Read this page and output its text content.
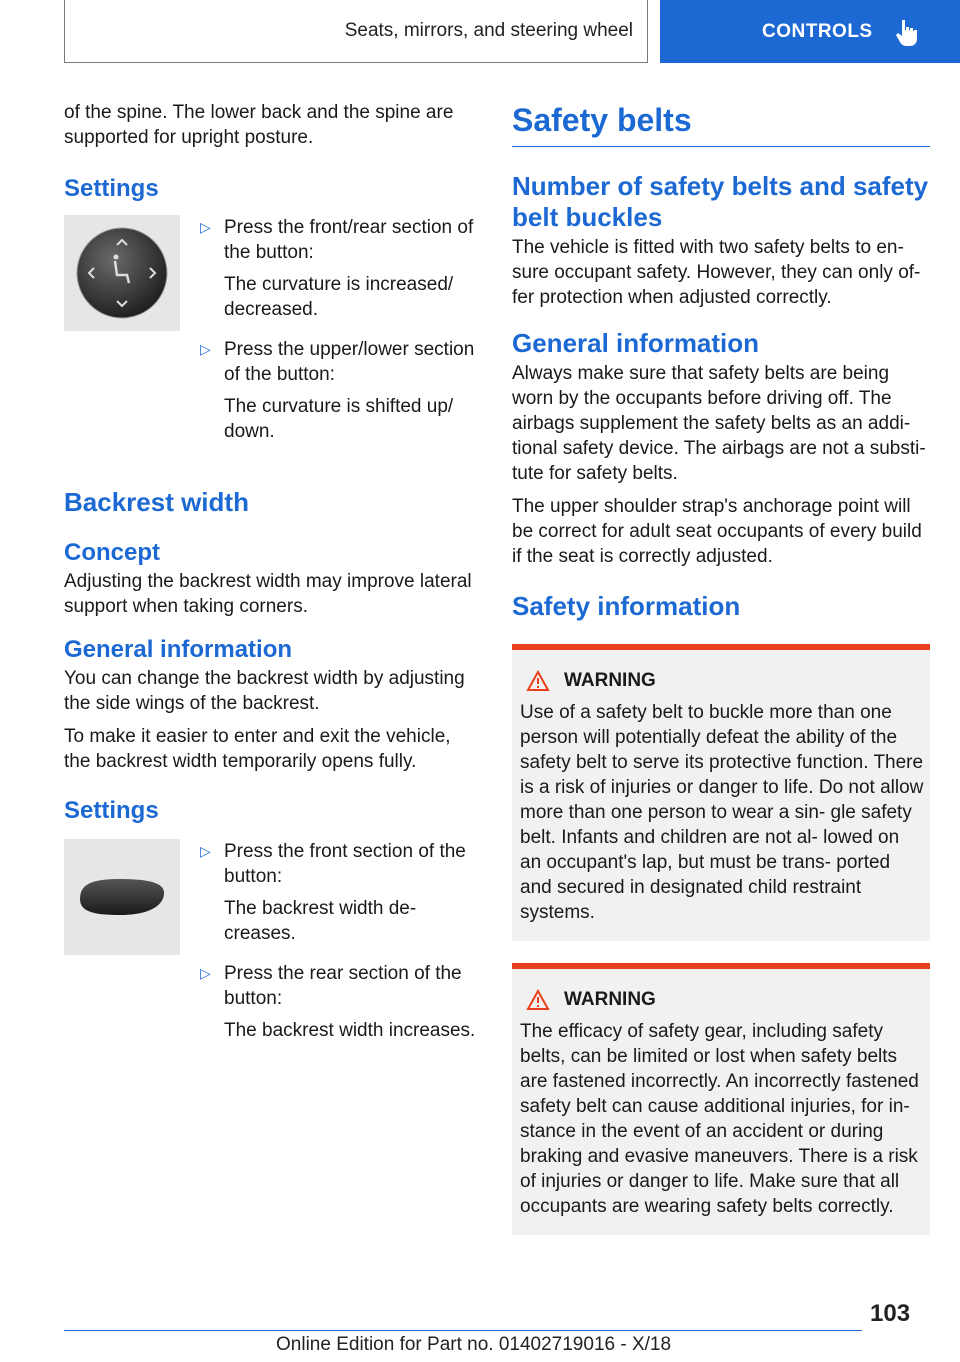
Seats, mirrors, and steering wheel	CONTROLS

of the spine. The lower back and the spine are supported for upright posture.

Settings
▷ Press the front/rear section of the button:

The curvature is increased/ decreased.

▷ Press the upper/lower section of the button:

The curvature is shifted up/ down.

Backrest width
Concept

Adjusting the backrest width may improve lateral support when taking corners.

General information

You can change the backrest width by adjusting the side wings of the backrest.

To make it easier to enter and exit the vehicle, the backrest width temporarily opens fully.

Settings
▷ Press the front section of the button:

The backrest width de- creases.

▷ Press the rear section of the button:

The backrest width increases.

Safety belts
Number of safety belts and safety belt buckles

The vehicle is fitted with two safety belts to en- sure occupant safety. However, they can only of- fer protection when adjusted correctly.

General information

Always make sure that safety belts are being worn by the occupants before driving off. The airbags supplement the safety belts as an addi- tional safety device. The airbags are not a substi- tute for safety belts.

The upper shoulder strap's anchorage point will be correct for adult seat occupants of every build if the seat is correctly adjusted.

Safety information
WARNING

Use of a safety belt to buckle more than one person will potentially defeat the ability of the safety belt to serve its protective function. There is a risk of injuries or danger to life. Do not allow more than one person to wear a sin- gle safety belt. Infants and children are not al- lowed on an occupant's lap, but must be trans- ported and secured in designated child restraint systems.

WARNING

The efficacy of safety gear, including safety belts, can be limited or lost when safety belts are fastened incorrectly. An incorrectly fastened safety belt can cause additional injuries, for in- stance in the event of an accident or during braking and evasive maneuvers. There is a risk of injuries or danger to life. Make sure that all occupants are wearing safety belts correctly.

103
Online Edition for Part no. 01402719016 - X/18
